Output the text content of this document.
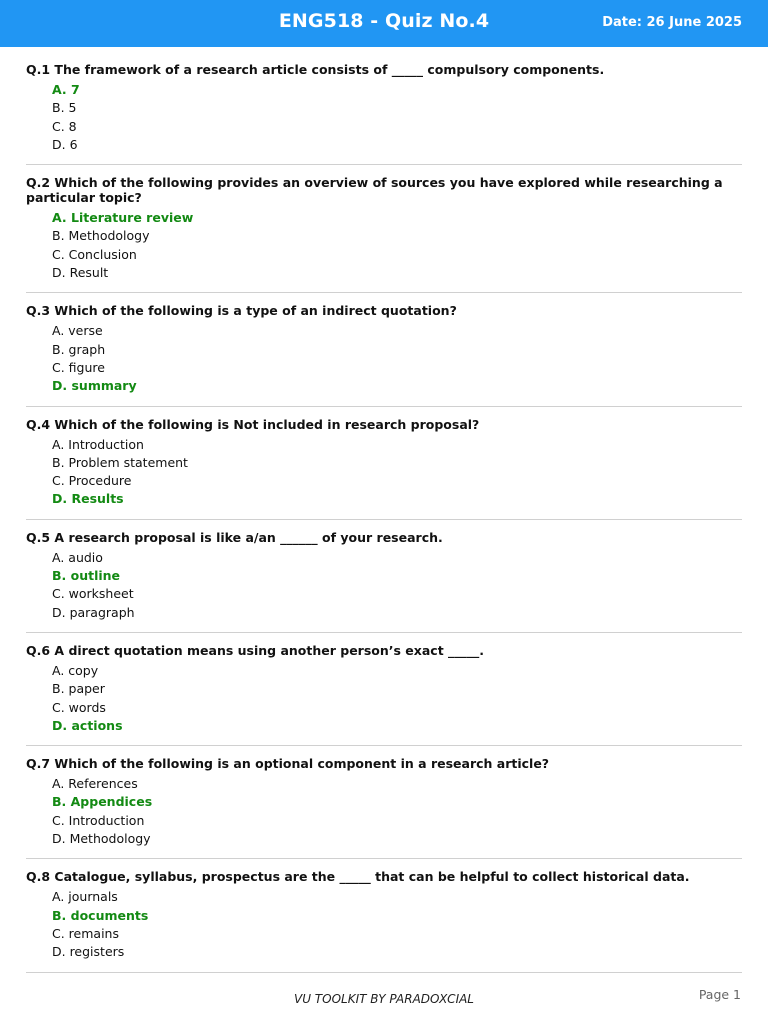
ENG518 - Quiz No.4	Date: 26 June 2025
Q.1 The framework of a research article consists of _____ compulsory components.
A. 7
B. 5
C. 8
D. 6
Q.2 Which of the following provides an overview of sources you have explored while researching a particular topic?
A. Literature review
B. Methodology
C. Conclusion
D. Result
Q.3 Which of the following is a type of an indirect quotation?
A. verse
B. graph
C. figure
D. summary
Q.4 Which of the following is Not included in research proposal?
A. Introduction
B. Problem statement
C. Procedure
D. Results
Q.5 A research proposal is like a/an ______ of your research.
A. audio
B. outline
C. worksheet
D. paragraph
Q.6 A direct quotation means using another person’s exact _____.
A. copy
B. paper
C. words
D. actions
Q.7 Which of the following is an optional component in a research article?
A. References
B. Appendices
C. Introduction
D. Methodology
Q.8 Catalogue, syllabus, prospectus are the _____ that can be helpful to collect historical data.
A. journals
B. documents
C. remains
D. registers
VU TOOLKIT BY PARADOXCIAL	Page 1
